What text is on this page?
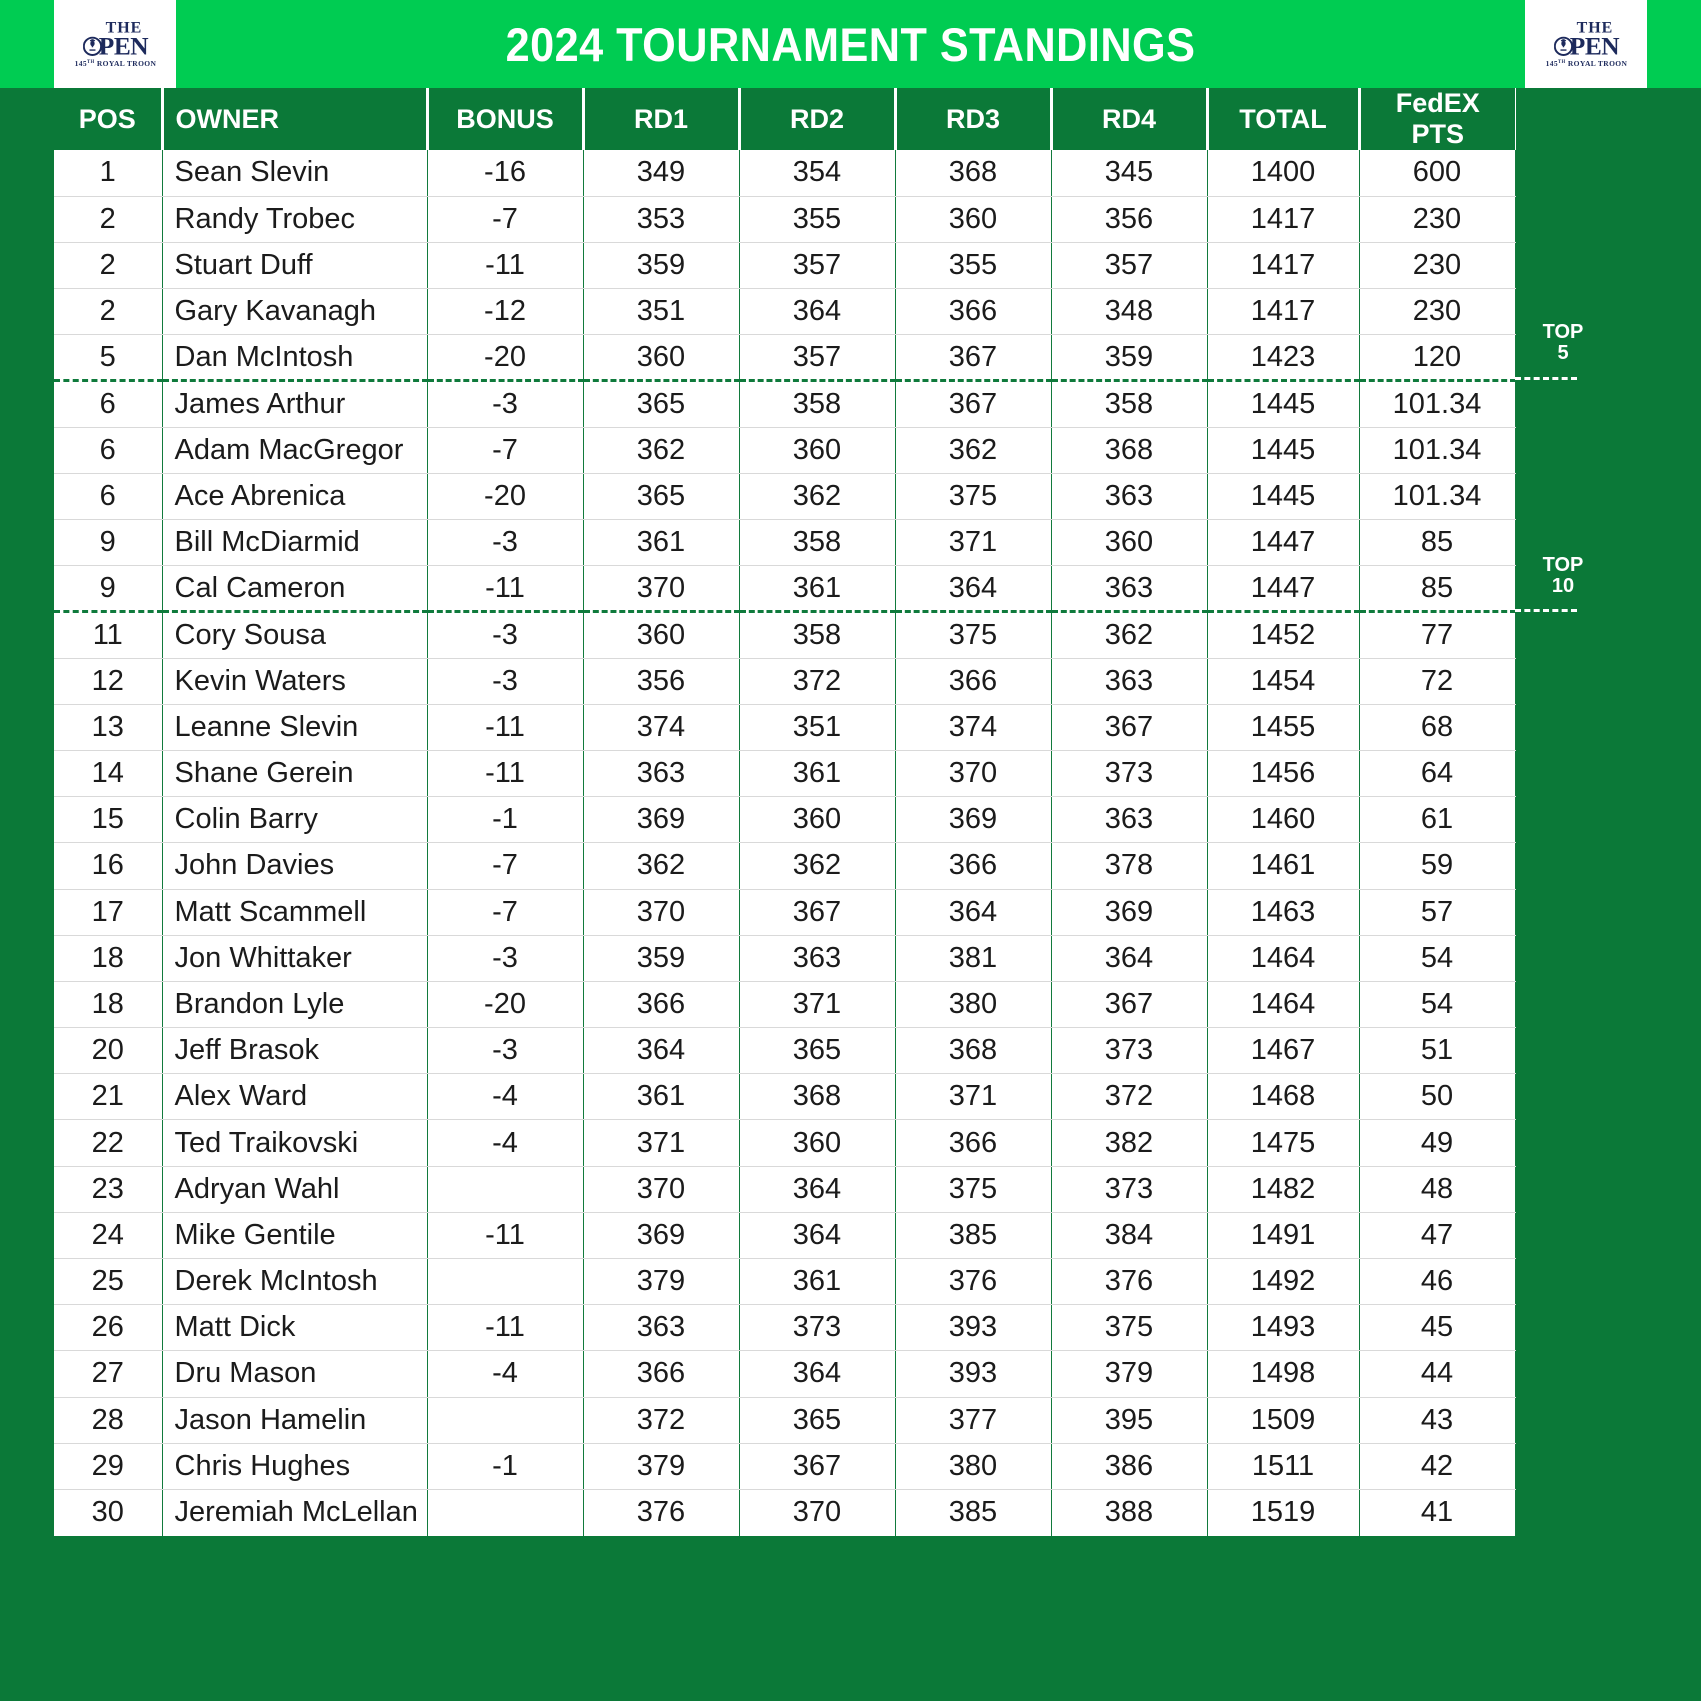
THE
PEN
145TH ROYAL TROON	2024 TOURNAMENT STANDINGS	THE
PEN
145TH ROYAL TROON
POS	OWNER	BONUS	RD1	RD2	RD3	RD4	TOTAL	FedEX PTS
1	Sean Slevin	-16	349	354	368	345	1400	600
2	Randy Trobec	-7	353	355	360	356	1417	230
2	Stuart Duff	-11	359	357	355	357	1417	230
2	Gary Kavanagh	-12	351	364	366	348	1417	230
5	Dan McIntosh	-20	360	357	367	359	1423	120
6	James Arthur	-3	365	358	367	358	1445	101.34
6	Adam MacGregor	-7	362	360	362	368	1445	101.34
6	Ace Abrenica	-20	365	362	375	363	1445	101.34
9	Bill McDiarmid	-3	361	358	371	360	1447	85
9	Cal Cameron	-11	370	361	364	363	1447	85
11	Cory Sousa	-3	360	358	375	362	1452	77
12	Kevin Waters	-3	356	372	366	363	1454	72
13	Leanne Slevin	-11	374	351	374	367	1455	68
14	Shane Gerein	-11	363	361	370	373	1456	64
15	Colin Barry	-1	369	360	369	363	1460	61
16	John Davies	-7	362	362	366	378	1461	59
17	Matt Scammell	-7	370	367	364	369	1463	57
18	Jon Whittaker	-3	359	363	381	364	1464	54
18	Brandon Lyle	-20	366	371	380	367	1464	54
20	Jeff Brasok	-3	364	365	368	373	1467	51
21	Alex Ward	-4	361	368	371	372	1468	50
22	Ted Traikovski	-4	371	360	366	382	1475	49
23	Adryan Wahl		370	364	375	373	1482	48
24	Mike Gentile	-11	369	364	385	384	1491	47
25	Derek McIntosh		379	361	376	376	1492	46
26	Matt Dick	-11	363	373	393	375	1493	45
27	Dru Mason	-4	366	364	393	379	1498	44
28	Jason Hamelin		372	365	377	395	1509	43
29	Chris Hughes	-1	379	367	380	386	1511	42
30	Jeremiah McLellan		376	370	385	388	1519	41
TOP
5
TOP
10
